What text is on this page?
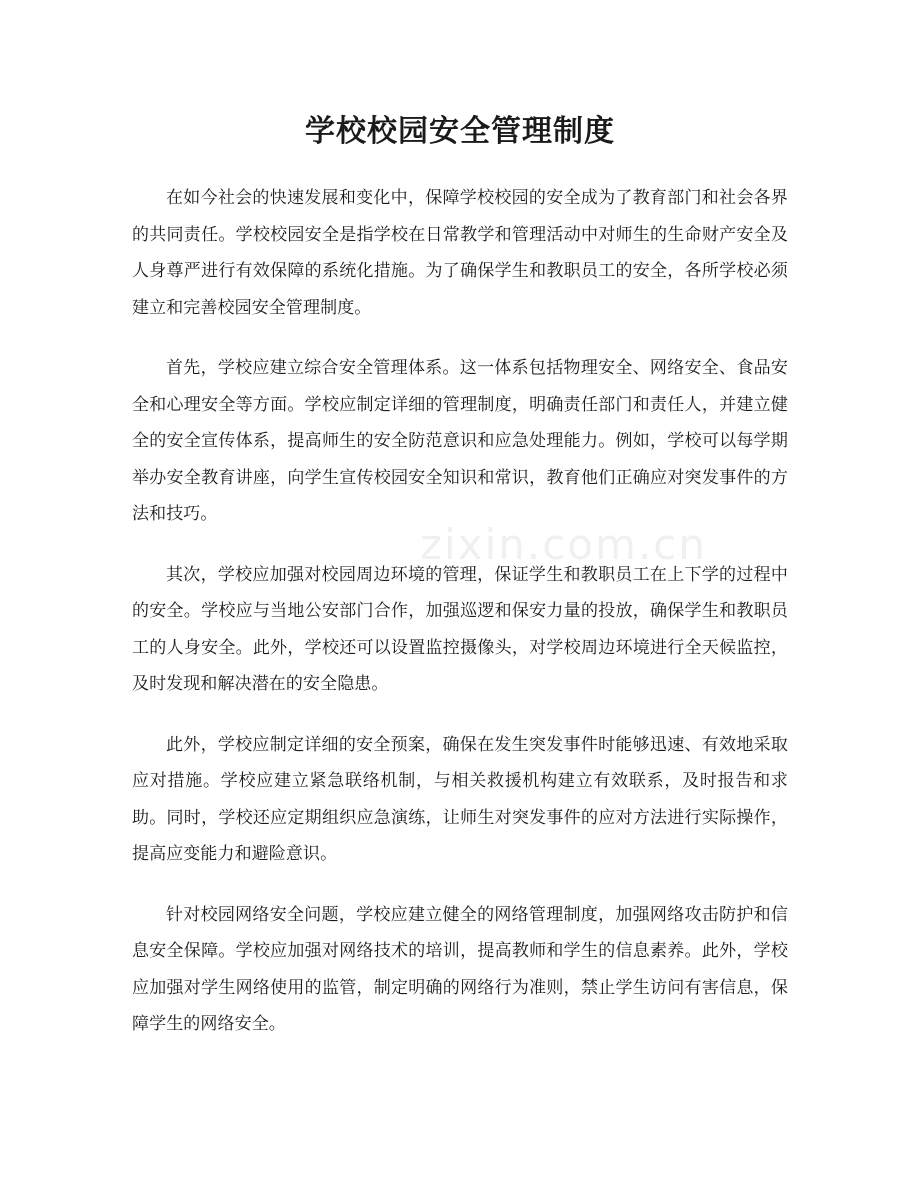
学校校园安全管理制度

在如今社会的快速发展和变化中，保障学校校园的安全成为了教育部门和社会各界的共同责任。学校校园安全是指学校在日常教学和管理活动中对师生的生命财产安全及人身尊严进行有效保障的系统化措施。为了确保学生和教职员工的安全，各所学校必须建立和完善校园安全管理制度。

首先，学校应建立综合安全管理体系。这一体系包括物理安全、网络安全、食品安全和心理安全等方面。学校应制定详细的管理制度，明确责任部门和责任人，并建立健全的安全宣传体系，提高师生的安全防范意识和应急处理能力。例如，学校可以每学期举办安全教育讲座，向学生宣传校园安全知识和常识，教育他们正确应对突发事件的方法和技巧。

其次，学校应加强对校园周边环境的管理，保证学生和教职员工在上下学的过程中的安全。学校应与当地公安部门合作，加强巡逻和保安力量的投放，确保学生和教职员工的人身安全。此外，学校还可以设置监控摄像头，对学校周边环境进行全天候监控，及时发现和解决潜在的安全隐患。

此外，学校应制定详细的安全预案，确保在发生突发事件时能够迅速、有效地采取应对措施。学校应建立紧急联络机制，与相关救援机构建立有效联系，及时报告和求助。同时，学校还应定期组织应急演练，让师生对突发事件的应对方法进行实际操作，提高应变能力和避险意识。

针对校园网络安全问题，学校应建立健全的网络管理制度，加强网络攻击防护和信息安全保障。学校应加强对网络技术的培训，提高教师和学生的信息素养。此外，学校应加强对学生网络使用的监管，制定明确的网络行为准则，禁止学生访问有害信息，保障学生的网络安全。

zixin.com.cn
